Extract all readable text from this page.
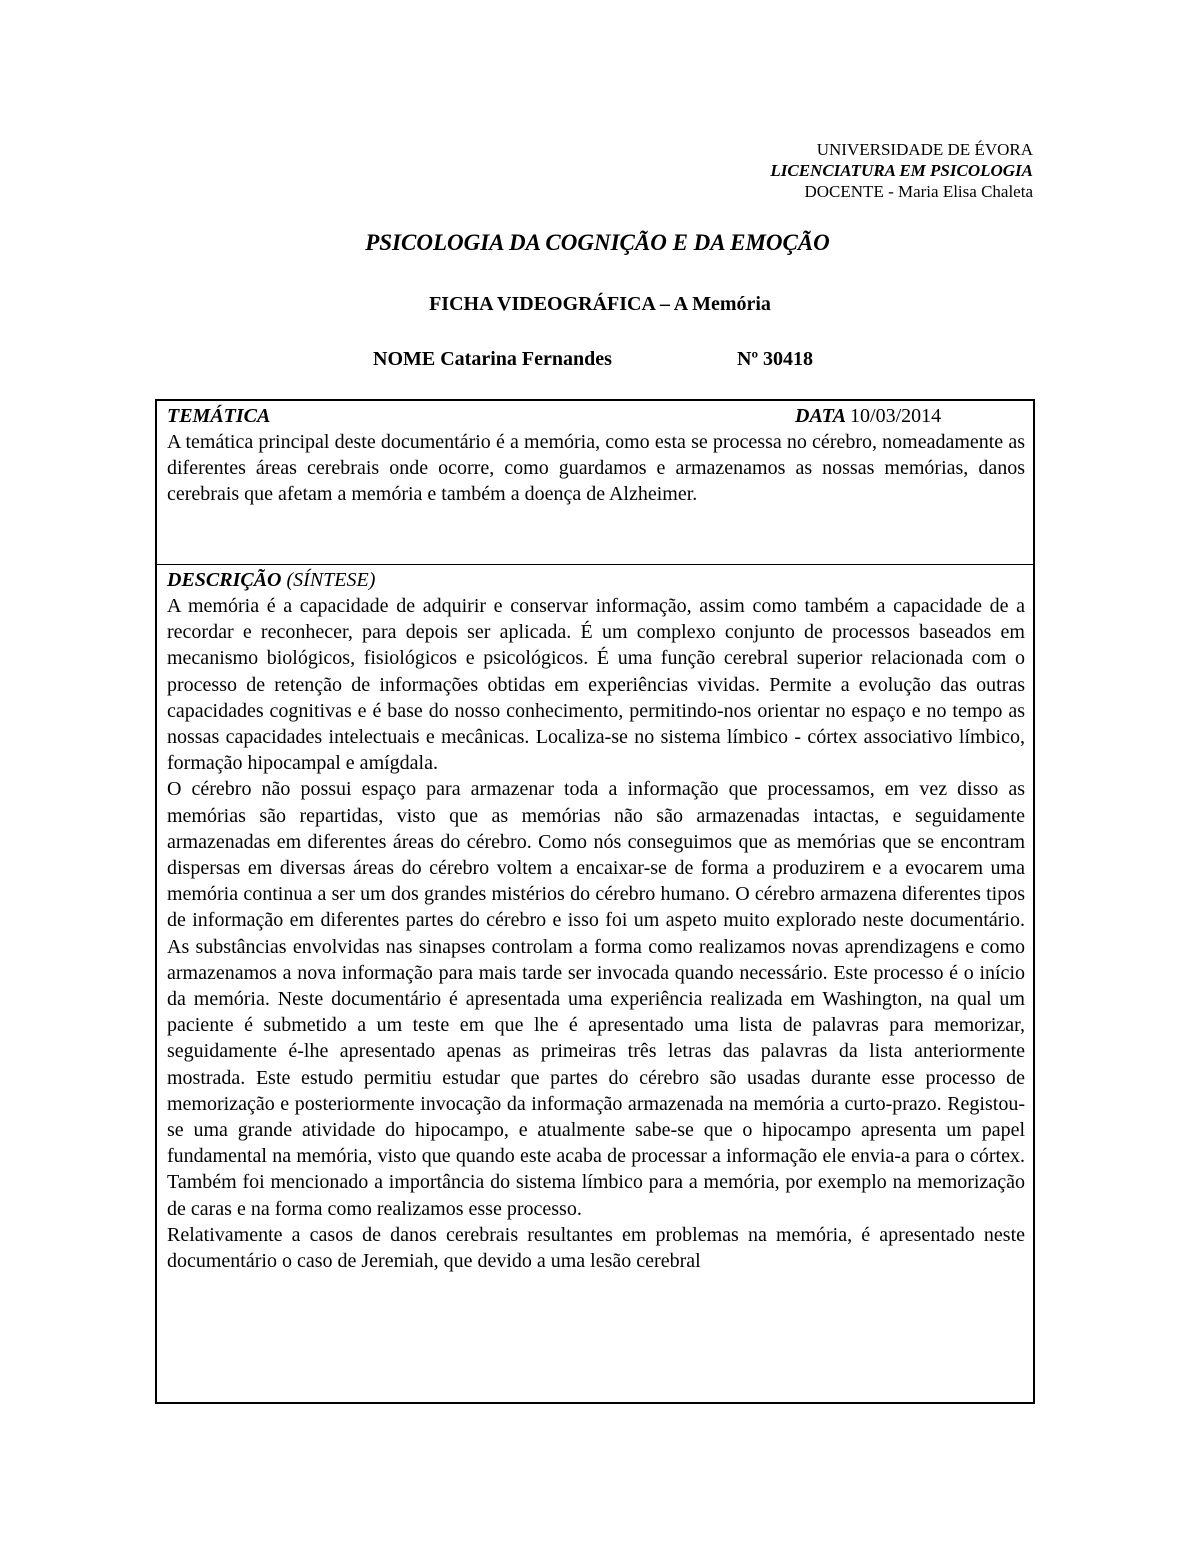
UNIVERSIDADE DE ÉVORA
LICENCIATURA EM PSICOLOGIA
DOCENTE - Maria Elisa Chaleta
PSICOLOGIA DA COGNIÇÃO E DA EMOÇÃO
FICHA VIDEOGRÁFICA – A Memória
NOME Catarina Fernandes	Nº 30418
TEMÁTICA	DATA 10/03/2014

A temática principal deste documentário é a memória, como esta se processa no cérebro, nomeadamente as diferentes áreas cerebrais onde ocorre, como guardamos e armazenamos as nossas memórias, danos cerebrais que afetam a memória e também a doença de Alzheimer.

DESCRIÇÃO (SÍNTESE)

A memória é a capacidade de adquirir e conservar informação, assim como também a capacidade de a recordar e reconhecer, para depois ser aplicada. É um complexo conjunto de processos baseados em mecanismo biológicos, fisiológicos e psicológicos. É uma função cerebral superior relacionada com o processo de retenção de informações obtidas em experiências vividas. Permite a evolução das outras capacidades cognitivas e é base do nosso conhecimento, permitindo-nos orientar no espaço e no tempo as nossas capacidades intelectuais e mecânicas. Localiza-se no sistema límbico - córtex associativo límbico, formação hipocampal e amígdala.

O cérebro não possui espaço para armazenar toda a informação que processamos, em vez disso as memórias são repartidas, visto que as memórias não são armazenadas intactas, e seguidamente armazenadas em diferentes áreas do cérebro. Como nós conseguimos que as memórias que se encontram dispersas em diversas áreas do cérebro voltem a encaixar-se de forma a produzirem e a evocarem uma memória continua a ser um dos grandes mistérios do cérebro humano. O cérebro armazena diferentes tipos de informação em diferentes partes do cérebro e isso foi um aspeto muito explorado neste documentário. As substâncias envolvidas nas sinapses controlam a forma como realizamos novas aprendizagens e como armazenamos a nova informação para mais tarde ser invocada quando necessário. Este processo é o início da memória. Neste documentário é apresentada uma experiência realizada em Washington, na qual um paciente é submetido a um teste em que lhe é apresentado uma lista de palavras para memorizar, seguidamente é-lhe apresentado apenas as primeiras três letras das palavras da lista anteriormente mostrada. Este estudo permitiu estudar que partes do cérebro são usadas durante esse processo de memorização e posteriormente invocação da informação armazenada na memória a curto-prazo. Registou-se uma grande atividade do hipocampo, e atualmente sabe-se que o hipocampo apresenta um papel fundamental na memória, visto que quando este acaba de processar a informação ele envia-a para o córtex. Também foi mencionado a importância do sistema límbico para a memória, por exemplo na memorização de caras e na forma como realizamos esse processo.

Relativamente a casos de danos cerebrais resultantes em problemas na memória, é apresentado neste documentário o caso de Jeremiah, que devido a uma lesão cerebral
